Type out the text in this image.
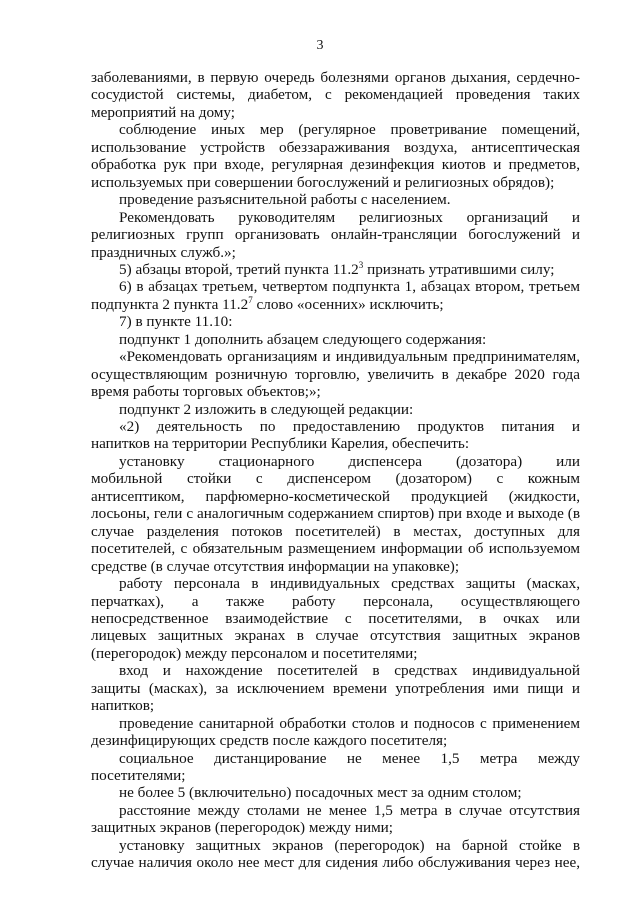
3
заболеваниями, в первую очередь болезнями органов дыхания, сердечно-
сосудистой системы, диабетом, с рекомендацией проведения таких
мероприятий на дому;
соблюдение иных мер (регулярное проветривание помещений,
использование устройств обеззараживания воздуха, антисептическая
обработка рук при входе, регулярная дезинфекция киотов и предметов,
используемых при совершении богослужений и религиозных обрядов);
проведение разъяснительной работы с населением.
Рекомендовать руководителям религиозных организаций и
религиозных групп организовать онлайн-трансляции богослужений и
праздничных служб.»;
5) абзацы второй, третий пункта 11.2$^3$ признать утратившими силу;
6) в абзацах третьем, четвертом подпункта 1, абзацах втором, третьем
подпункта 2 пункта 11.2$^7$ слово «осенних» исключить;
7) в пункте 11.10:
подпункт 1 дополнить абзацем следующего содержания:
«Рекомендовать организациям и индивидуальным предпринимателям,
осуществляющим розничную торговлю, увеличить в декабре 2020 года
время работы торговых объектов;»;
подпункт 2 изложить в следующей редакции:
«2) деятельность по предоставлению продуктов питания и
напитков на территории Республики Карелия, обеспечить:
установку стационарного диспенсера (дозатора) или
мобильной стойки с диспенсером (дозатором) с кожным
антисептиком, парфюмерно-косметической продукцией (жидкости,
лосьоны, гели с аналогичным содержанием спиртов) при входе и выходе (в
случае разделения потоков посетителей) в местах, доступных для
посетителей, с обязательным размещением информации об используемом
средстве (в случае отсутствия информации на упаковке);
работу персонала в индивидуальных средствах защиты (масках,
перчатках), а также работу персонала, осуществляющего
непосредственное взаимодействие с посетителями, в очках или
лицевых защитных экранах в случае отсутствия защитных экранов
(перегородок) между персоналом и посетителями;
вход и нахождение посетителей в средствах индивидуальной
защиты (масках), за исключением времени употребления ими пищи и
напитков;
проведение санитарной обработки столов и подносов с применением
дезинфицирующих средств после каждого посетителя;
социальное дистанцирование не менее 1,5 метра между
посетителями;
не более 5 (включительно) посадочных мест за одним столом;
расстояние между столами не менее 1,5 метра в случае отсутствия
защитных экранов (перегородок) между ними;
установку защитных экранов (перегородок) на барной стойке в
случае наличия около нее мест для сидения либо обслуживания через нее,
